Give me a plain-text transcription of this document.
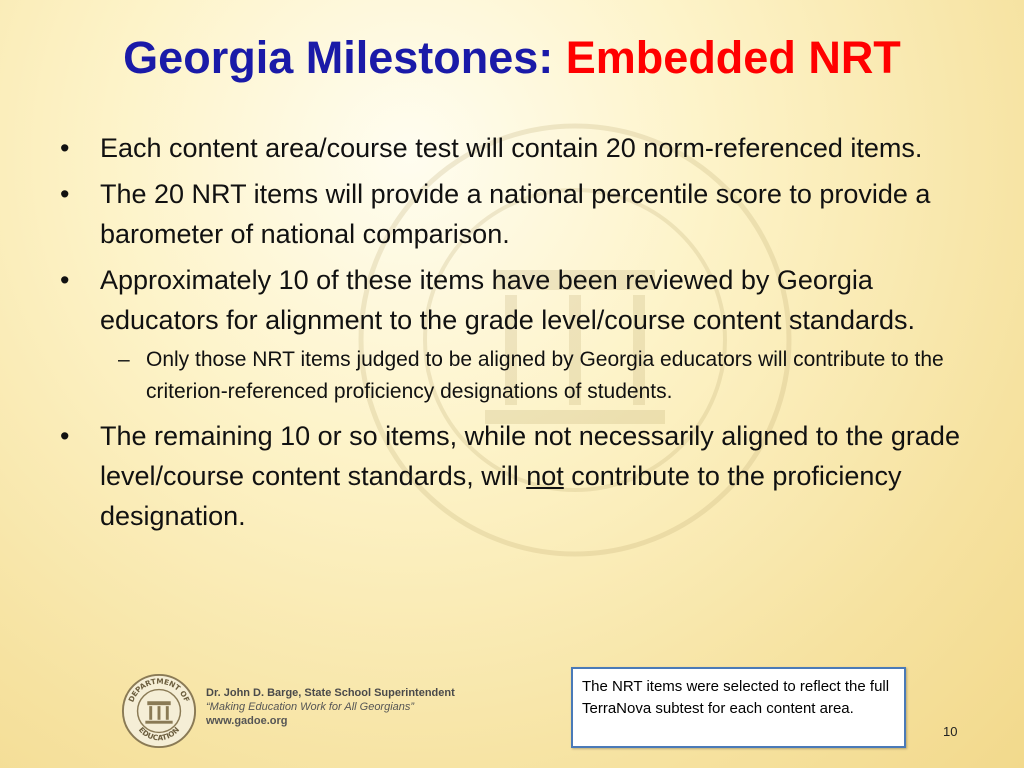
Georgia Milestones: Embedded NRT
• Each content area/course test will contain 20 norm-referenced items.
• The 20 NRT items will provide a national percentile score to provide a barometer of national comparison.
• Approximately 10 of these items have been reviewed by Georgia educators for alignment to the grade level/course content standards.
– Only those NRT items judged to be aligned by Georgia educators will contribute to the criterion-referenced proficiency designations of students.
• The remaining 10 or so items, while not necessarily aligned to the grade level/course content standards, will not contribute to the proficiency designation.
DEPARTMENT OF
EDUCATION
Dr. John D. Barge, State School Superintendent
“Making Education Work for All Georgians”
www.gadoe.org
The NRT items were selected to reflect the full TerraNova subtest for each content area.
10
